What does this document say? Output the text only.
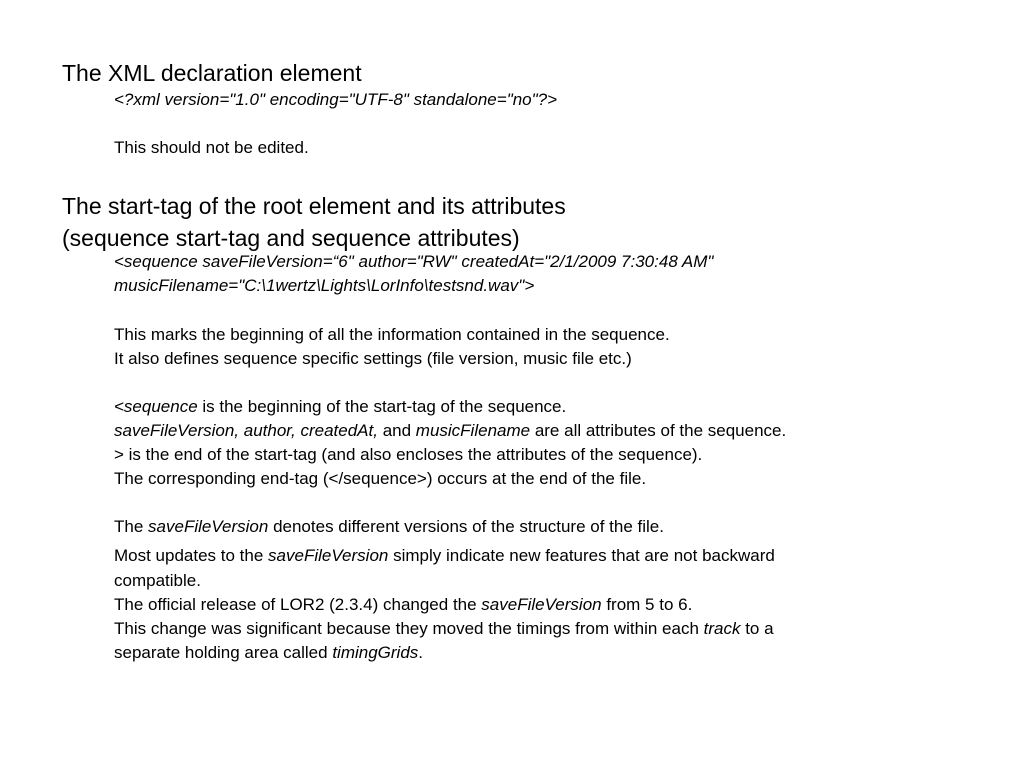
The XML declaration element
<?xml version="1.0" encoding="UTF-8" standalone="no"?>
This should not be edited.
The start-tag of the root element and its attributes
(sequence start-tag and sequence attributes)
<sequence saveFileVersion=“6" author="RW" createdAt="2/1/2009 7:30:48 AM"
musicFilename="C:\1wertz\Lights\LorInfo\testsnd.wav">
This marks the beginning of all the information contained in the sequence.
It also defines sequence specific settings (file version, music file etc.)
<sequence is the beginning of the start-tag of the sequence.
saveFileVersion, author, createdAt, and musicFilename are all attributes of the sequence.
> is the end of the start-tag (and also encloses the attributes of the sequence).
The corresponding end-tag (</sequence>) occurs at the end of the file.
The saveFileVersion denotes different versions of the structure of the file.
Most updates to the saveFileVersion simply indicate new features that are not backward
compatible.
The official release of LOR2 (2.3.4) changed the saveFileVersion from 5 to 6.
This change was significant because they moved the timings from within each track to a
separate holding area called timingGrids.
